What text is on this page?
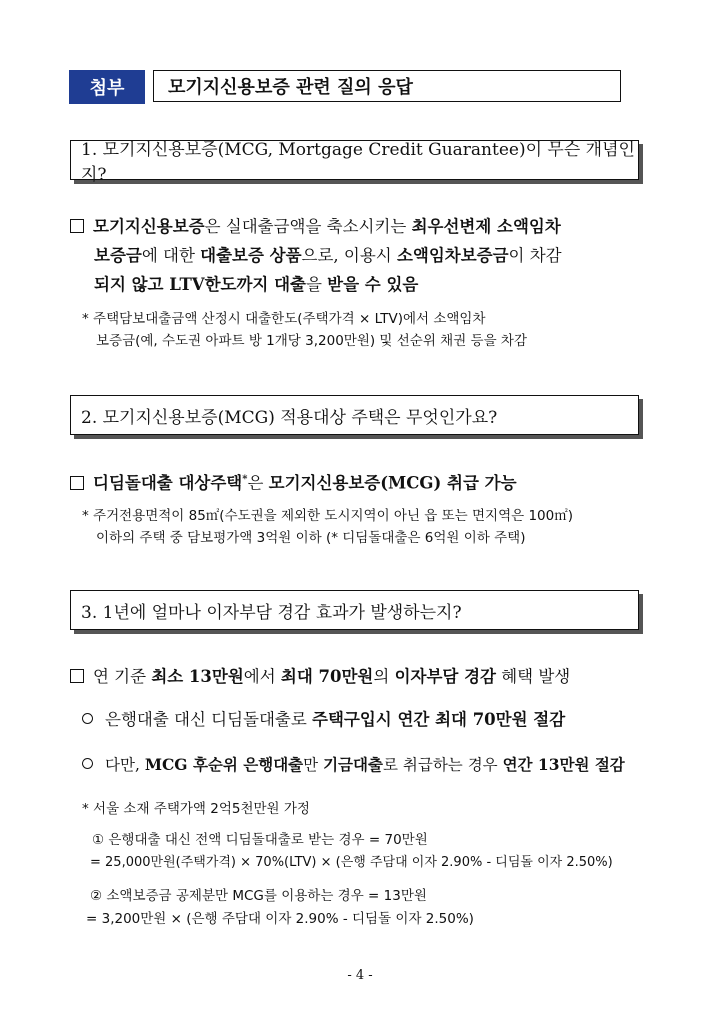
첨부	모기지신용보증 관련 질의 응답
1. 모기지신용보증(MCG, Mortgage Credit Guarantee)이 무슨 개념인지?
모기지신용보증은 실대출금액을 축소시키는 최우선변제 소액임차
보증금에 대한 대출보증 상품으로, 이용시 소액임차보증금이 차감
되지 않고 LTV한도까지 대출을 받을 수 있음
* 주택담보대출금액 산정시 대출한도(주택가격 × LTV)에서 소액임차
보증금(예, 수도권 아파트 방 1개당 3,200만원) 및 선순위 채권 등을 차감
2. 모기지신용보증(MCG) 적용대상 주택은 무엇인가요?
디딤돌대출 대상주택*은 모기지신용보증(MCG) 취급 가능
* 주거전용면적이 85㎡(수도권을 제외한 도시지역이 아닌 읍 또는 면지역은 100㎡)
이하의 주택 중 담보평가액 3억원 이하 (* 디딤돌대출은 6억원 이하 주택)
3. 1년에 얼마나 이자부담 경감 효과가 발생하는지?
연 기준 최소 13만원에서 최대 70만원의 이자부담 경감 혜택 발생
은행대출 대신 디딤돌대출로 주택구입시 연간 최대 70만원 절감
다만, MCG 후순위 은행대출만 기금대출로 취급하는 경우 연간 13만원 절감
* 서울 소재 주택가액 2억5천만원 가정
① 은행대출 대신 전액 디딤돌대출로 받는 경우 = 70만원
= 25,000만원(주택가격) × 70%(LTV) × (은행 주담대 이자 2.90% - 디딤돌 이자 2.50%)
② 소액보증금 공제분만 MCG를 이용하는 경우 = 13만원
= 3,200만원 × (은행 주담대 이자 2.90% - 디딤돌 이자 2.50%)
- 4 -
